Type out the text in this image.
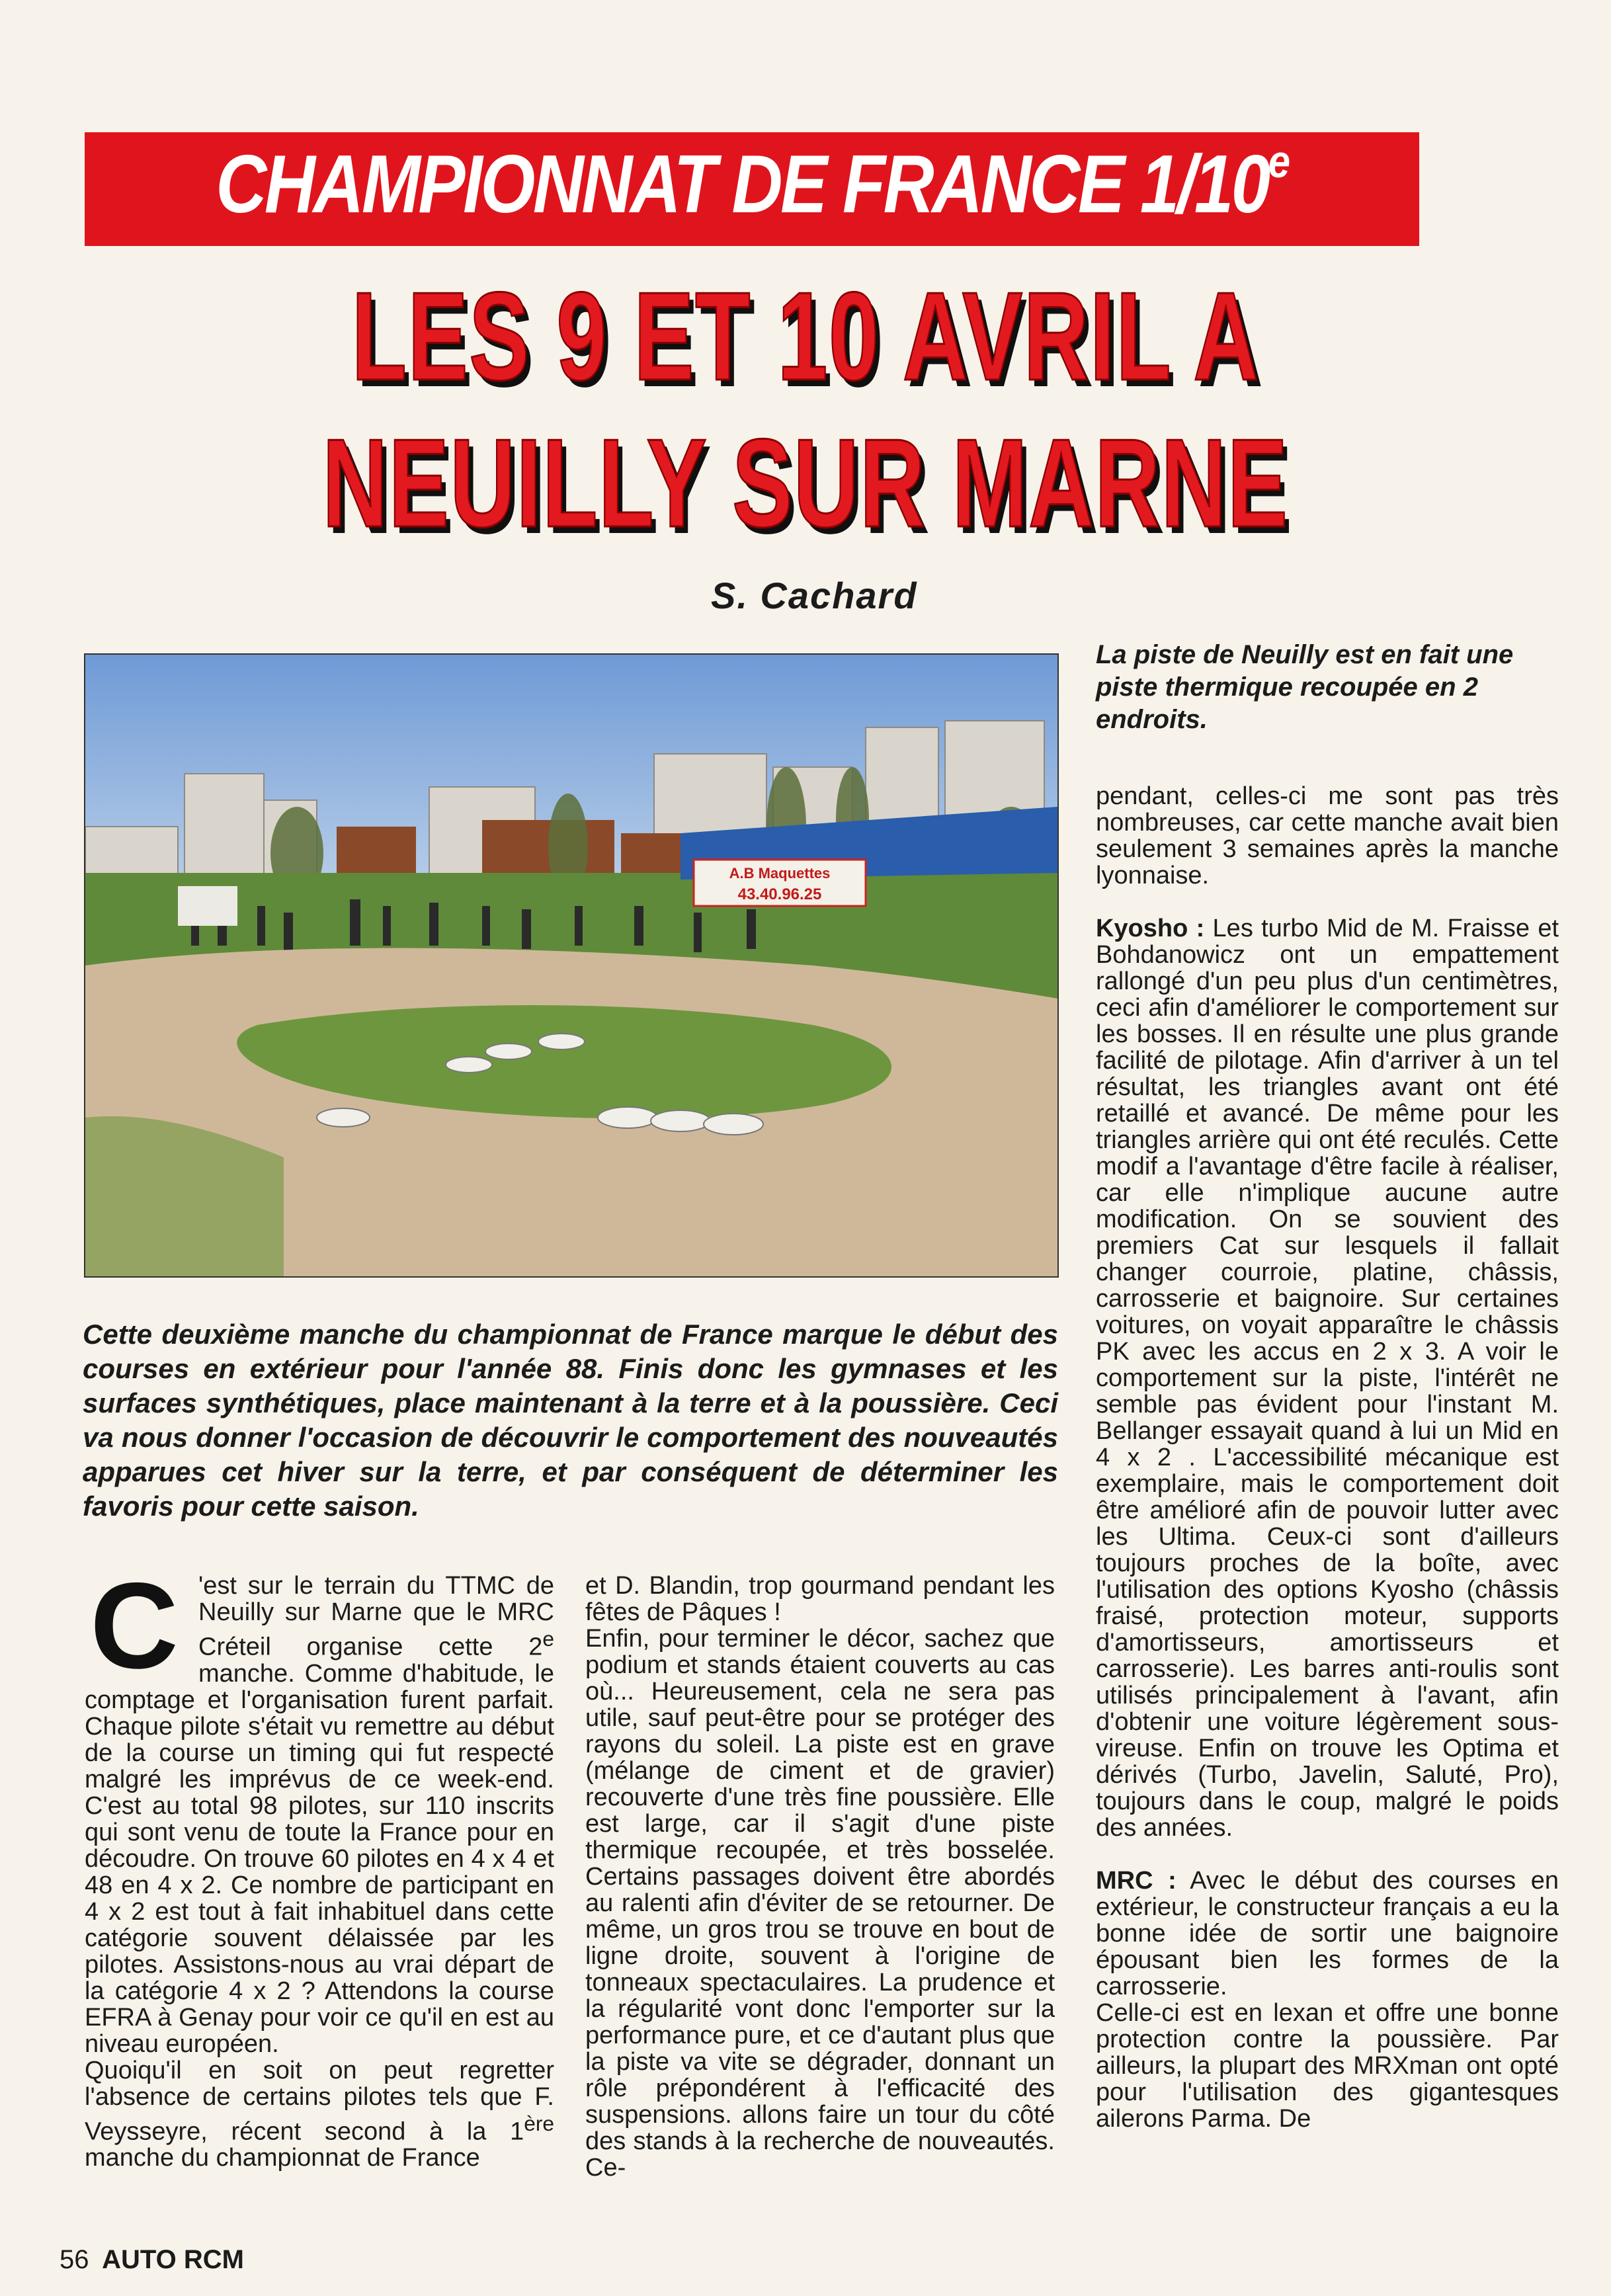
CHAMPIONNAT DE FRANCE 1/10e
LES 9 ET 10 AVRIL A
NEUILLY SUR MARNE
S. Cachard
A.B Maquettes
43.40.96.25
La piste de Neuilly est en fait une piste thermique recoupée en 2 endroits.
Cette deuxième manche du championnat de France marque le début des courses en extérieur pour l'année 88. Finis donc les gymnases et les surfaces synthétiques, place maintenant à la terre et à la poussière. Ceci va nous donner l'occasion de découvrir le comportement des nouveautés apparues cet hiver sur la terre, et par conséquent de déterminer les favoris pour cette saison.
C 'est sur le terrain du TTMC de Neuilly sur Marne que le MRC Créteil organise cette 2e manche. Comme d'habitude, le comptage et l'organisation furent parfait. Chaque pilote s'était vu remettre au début de la course un timing qui fut respecté malgré les imprévus de ce week-end. C'est au total 98 pilotes, sur 110 inscrits qui sont venu de toute la France pour en découdre. On trouve 60 pilotes en 4 x 4 et 48 en 4 x 2. Ce nombre de participant en 4 x 2 est tout à fait inhabituel dans cette catégorie souvent délaissée par les pilotes. Assistons-nous au vrai départ de la catégorie 4 x 2 ? Attendons la course EFRA à Genay pour voir ce qu'il en est au niveau européen.

Quoiqu'il en soit on peut regretter l'absence de certains pilotes tels que F. Veysseyre, récent second à la 1ère manche du championnat de France

et D. Blandin, trop gourmand pendant les fêtes de Pâques !

Enfin, pour terminer le décor, sachez que podium et stands étaient couverts au cas où... Heureusement, cela ne sera pas utile, sauf peut-être pour se protéger des rayons du soleil. La piste est en grave (mélange de ciment et de gravier) recouverte d'une très fine poussière. Elle est large, car il s'agit d'une piste thermique recoupée, et très bosselée. Certains passages doivent être abordés au ralenti afin d'éviter de se retourner. De même, un gros trou se trouve en bout de ligne droite, souvent à l'origine de tonneaux spectaculaires. La prudence et la régularité vont donc l'emporter sur la performance pure, et ce d'autant plus que la piste va vite se dégrader, donnant un rôle prépondérent à l'efficacité des suspensions. allons faire un tour du côté des stands à la recherche de nouveautés. Ce-

pendant, celles-ci me sont pas très nombreuses, car cette manche avait bien seulement 3 semaines après la manche lyonnaise.

Kyosho : Les turbo Mid de M. Fraisse et Bohdanowicz ont un empattement rallongé d'un peu plus d'un centimètres, ceci afin d'améliorer le comportement sur les bosses. Il en résulte une plus grande facilité de pilotage. Afin d'arriver à un tel résultat, les triangles avant ont été retaillé et avancé. De même pour les triangles arrière qui ont été reculés. Cette modif a l'avantage d'être facile à réaliser, car elle n'implique aucune autre modification. On se souvient des premiers Cat sur lesquels il fallait changer courroie, platine, châssis, carrosserie et baignoire. Sur certaines voitures, on voyait apparaître le châssis PK avec les accus en 2 x 3. A voir le comportement sur la piste, l'intérêt ne semble pas évident pour l'instant M. Bellanger essayait quand à lui un Mid en 4 x 2 . L'accessibilité mécanique est exemplaire, mais le comportement doit être amélioré afin de pouvoir lutter avec les Ultima. Ceux-ci sont d'ailleurs toujours proches de la boîte, avec l'utilisation des options Kyosho (châssis fraisé, protection moteur, supports d'amortisseurs, amortisseurs et carrosserie). Les barres anti-roulis sont utilisés principalement à l'avant, afin d'obtenir une voiture légèrement sous-vireuse. Enfin on trouve les Optima et dérivés (Turbo, Javelin, Saluté, Pro), toujours dans le coup, malgré le poids des années.

MRC : Avec le début des courses en extérieur, le constructeur français a eu la bonne idée de sortir une baignoire épousant bien les formes de la carrosserie.

Celle-ci est en lexan et offre une bonne protection contre la poussière. Par ailleurs, la plupart des MRXman ont opté pour l'utilisation des gigantesques ailerons Parma. De

56 AUTO RCM
